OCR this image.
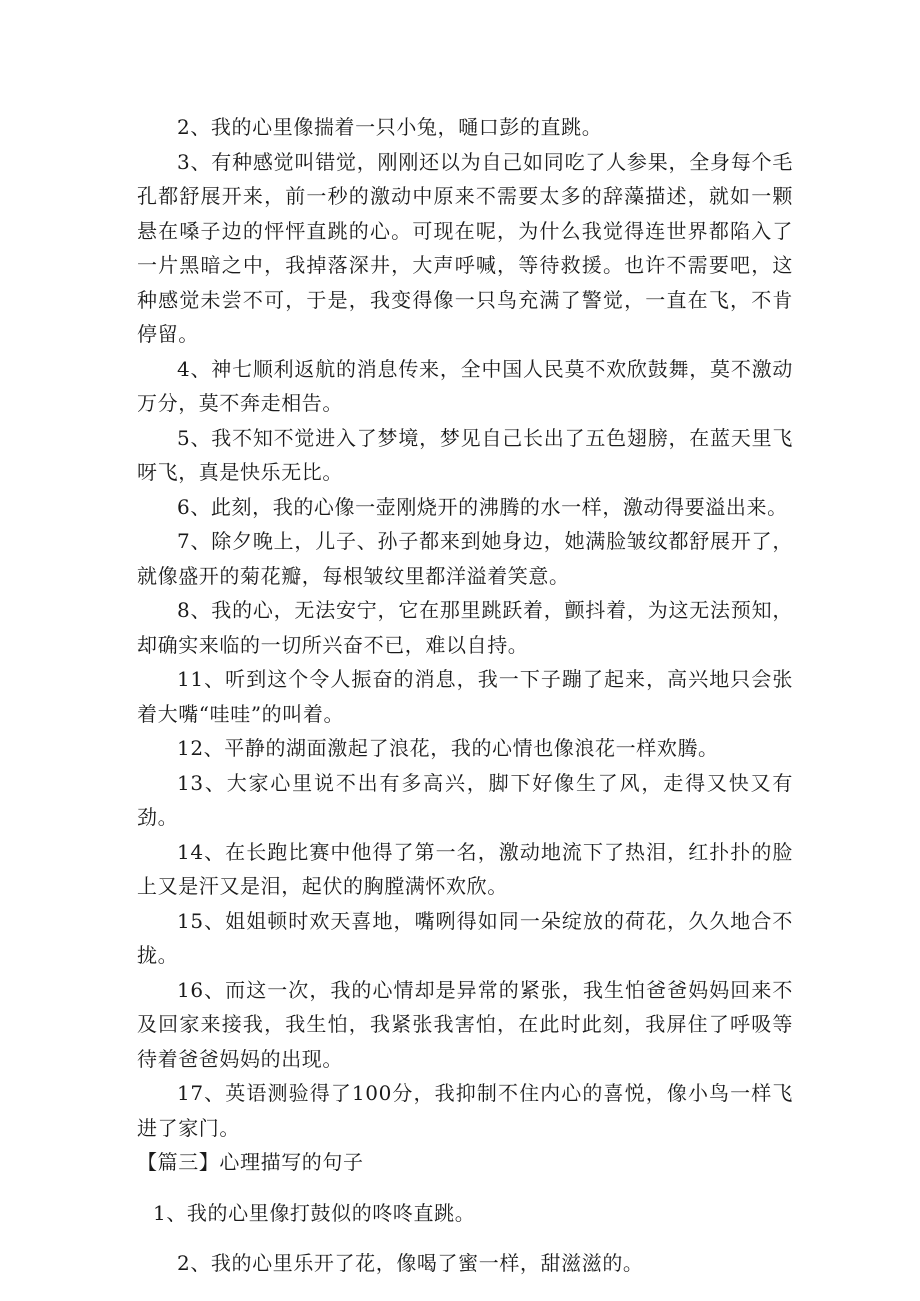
2、我的心里像揣着一只小兔，嗵口彭的直跳。

3、有种感觉叫错觉，刚刚还以为自己如同吃了人参果，全身每个毛孔都舒展开来，前一秒的激动中原来不需要太多的辞藻描述，就如一颗悬在嗓子边的怦怦直跳的心。可现在呢，为什么我觉得连世界都陷入了一片黑暗之中，我掉落深井，大声呼喊，等待救援。也许不需要吧，这种感觉未尝不可，于是，我变得像一只鸟充满了警觉，一直在飞，不肯停留。

4、神七顺利返航的消息传来，全中国人民莫不欢欣鼓舞，莫不激动万分，莫不奔走相告。

5、我不知不觉进入了梦境，梦见自己长出了五色翅膀，在蓝天里飞呀飞，真是快乐无比。

6、此刻，我的心像一壶刚烧开的沸腾的水一样，激动得要溢出来。

7、除夕晚上，儿子、孙子都来到她身边，她满脸皱纹都舒展开了，就像盛开的菊花瓣，每根皱纹里都洋溢着笑意。

8、我的心，无法安宁，它在那里跳跃着，颤抖着，为这无法预知，却确实来临的一切所兴奋不已，难以自持。

11、听到这个令人振奋的消息，我一下子蹦了起来，高兴地只会张着大嘴“哇哇”的叫着。

12、平静的湖面激起了浪花，我的心情也像浪花一样欢腾。

13、大家心里说不出有多高兴，脚下好像生了风，走得又快又有劲。

14、在长跑比赛中他得了第一名，激动地流下了热泪，红扑扑的脸上又是汗又是泪，起伏的胸膛满怀欢欣。

15、姐姐顿时欢天喜地，嘴咧得如同一朵绽放的荷花，久久地合不拢。

16、而这一次，我的心情却是异常的紧张，我生怕爸爸妈妈回来不及回家来接我，我生怕，我紧张我害怕，在此时此刻，我屏住了呼吸等待着爸爸妈妈的出现。

17、英语测验得了100分，我抑制不住内心的喜悦，像小鸟一样飞进了家门。

【篇三】心理描写的句子

1、我的心里像打鼓似的咚咚直跳。

2、我的心里乐开了花，像喝了蜜一样，甜滋滋的。
